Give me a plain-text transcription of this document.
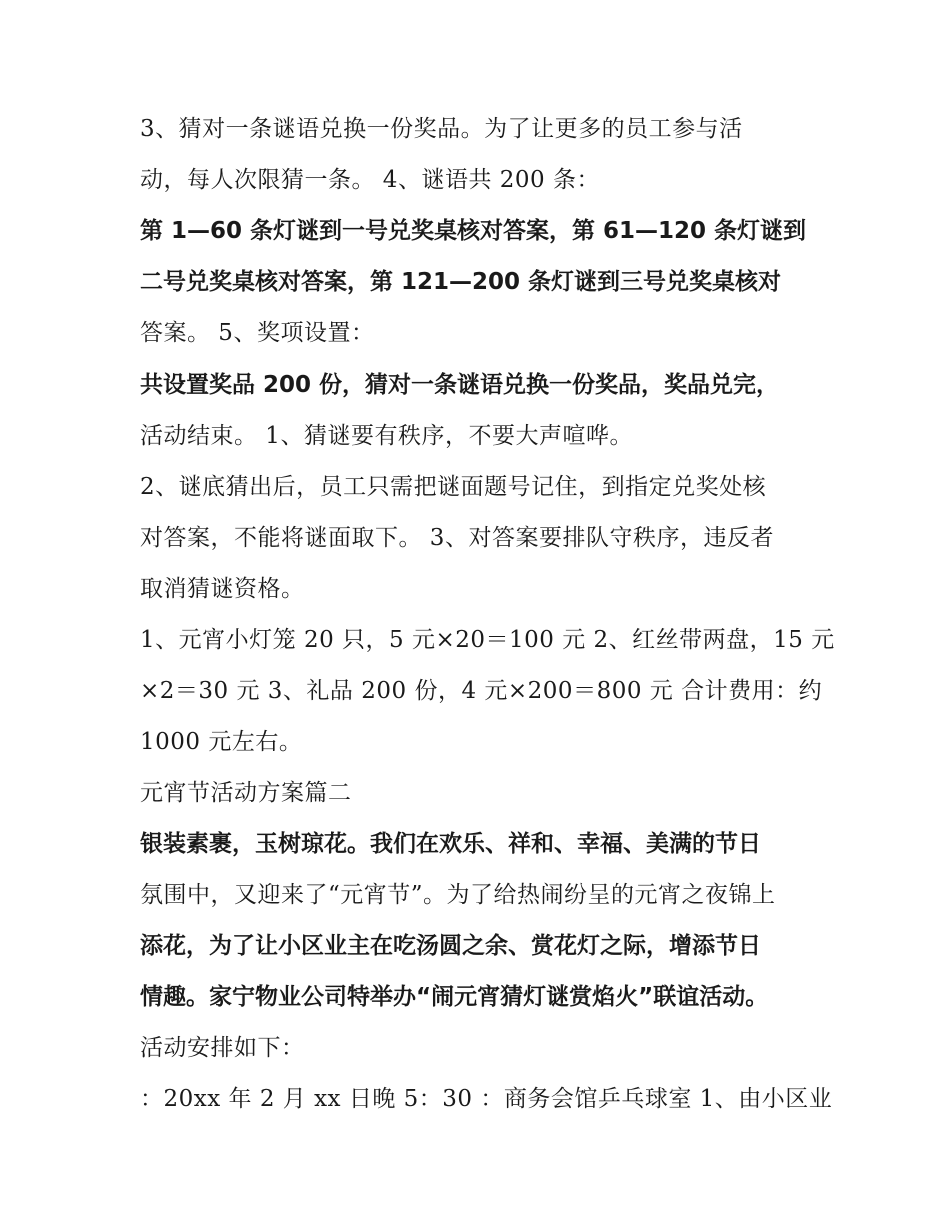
3、猜对一条谜语兑换一份奖品。为了让更多的员工参与活
动，每人次限猜一条。 4、谜语共 200 条：
第 1—60 条灯谜到一号兑奖桌核对答案，第 61—120 条灯谜到
二号兑奖桌核对答案，第 121—200 条灯谜到三号兑奖桌核对
答案。 5、奖项设置：
共设置奖品 200 份，猜对一条谜语兑换一份奖品，奖品兑完，
活动结束。 1、猜谜要有秩序，不要大声喧哗。
2、谜底猜出后，员工只需把谜面题号记住，到指定兑奖处核
对答案，不能将谜面取下。 3、对答案要排队守秩序，违反者
取消猜谜资格。
1、元宵小灯笼 20 只，5 元×20＝100 元 2、红丝带两盘，15 元
×2＝30 元 3、礼品 200 份，4 元×200＝800 元 合计费用：约
1000 元左右。
元宵节活动方案篇二
银装素裹，玉树琼花。我们在欢乐、祥和、幸福、美满的节日
氛围中，又迎来了“元宵节”。为了给热闹纷呈的元宵之夜锦上
添花，为了让小区业主在吃汤圆之余、赏花灯之际，增添节日
情趣。家宁物业公司特举办“闹元宵猜灯谜赏焰火”联谊活动。
活动安排如下：
：20xx 年 2 月 xx 日晚 5：30 ：商务会馆乒乓球室 1、由小区业
